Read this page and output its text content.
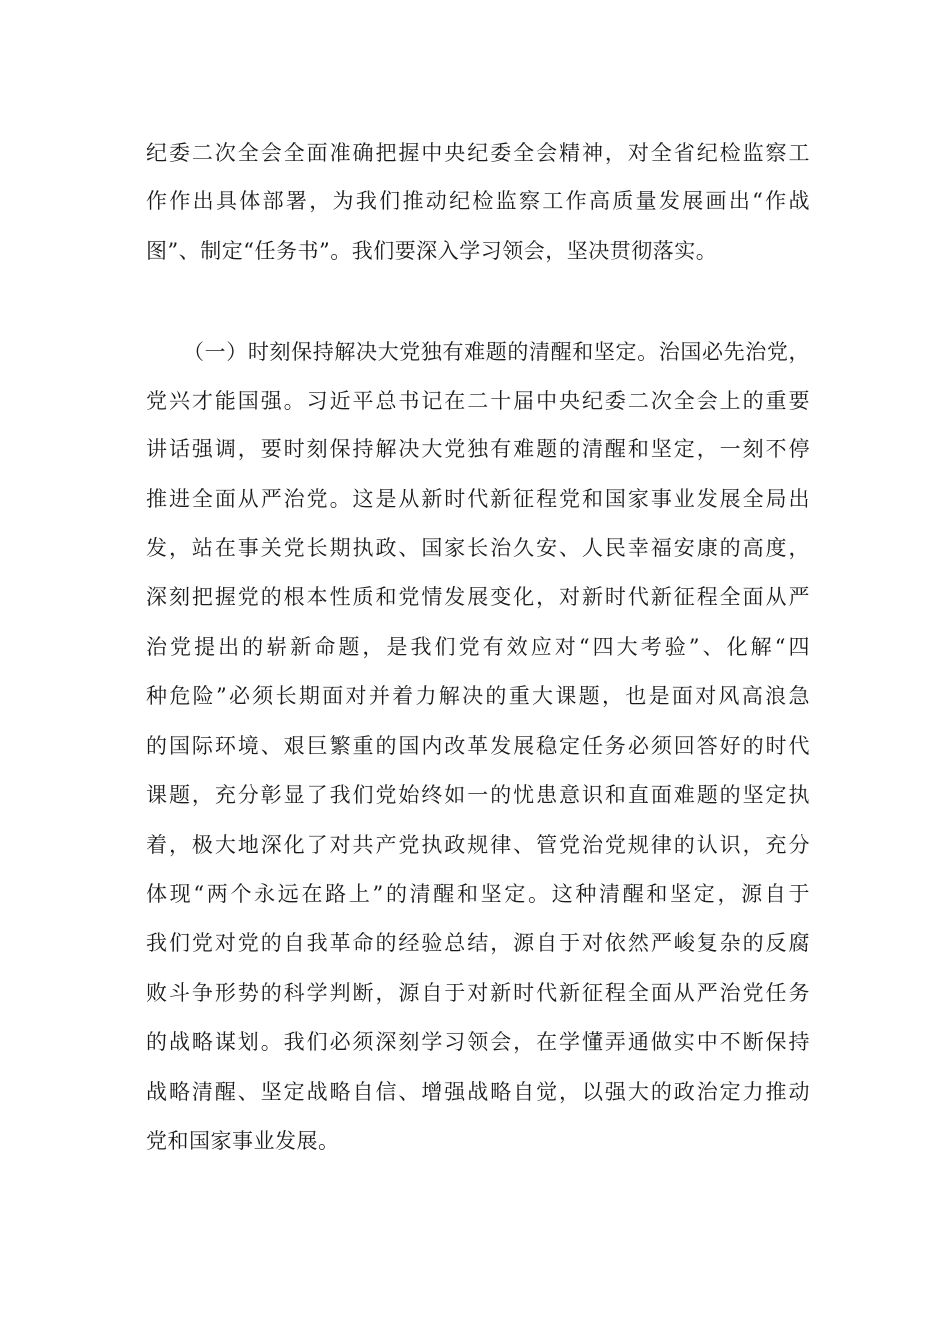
纪委二次全会全面准确把握中央纪委全会精神，对全省纪检监察工
作作出具体部署，为我们推动纪检监察工作高质量发展画出“作战
图”、制定“任务书”。我们要深入学习领会，坚决贯彻落实。
（一）时刻保持解决大党独有难题的清醒和坚定。治国必先治党，
党兴才能国强。习近平总书记在二十届中央纪委二次全会上的重要
讲话强调，要时刻保持解决大党独有难题的清醒和坚定，一刻不停
推进全面从严治党。这是从新时代新征程党和国家事业发展全局出
发，站在事关党长期执政、国家长治久安、人民幸福安康的高度，
深刻把握党的根本性质和党情发展变化，对新时代新征程全面从严
治党提出的崭新命题，是我们党有效应对“四大考验”、化解“四
种危险”必须长期面对并着力解决的重大课题，也是面对风高浪急
的国际环境、艰巨繁重的国内改革发展稳定任务必须回答好的时代
课题，充分彰显了我们党始终如一的忧患意识和直面难题的坚定执
着，极大地深化了对共产党执政规律、管党治党规律的认识，充分
体现“两个永远在路上”的清醒和坚定。这种清醒和坚定，源自于
我们党对党的自我革命的经验总结，源自于对依然严峻复杂的反腐
败斗争形势的科学判断，源自于对新时代新征程全面从严治党任务
的战略谋划。我们必须深刻学习领会，在学懂弄通做实中不断保持
战略清醒、坚定战略自信、增强战略自觉，以强大的政治定力推动
党和国家事业发展。
